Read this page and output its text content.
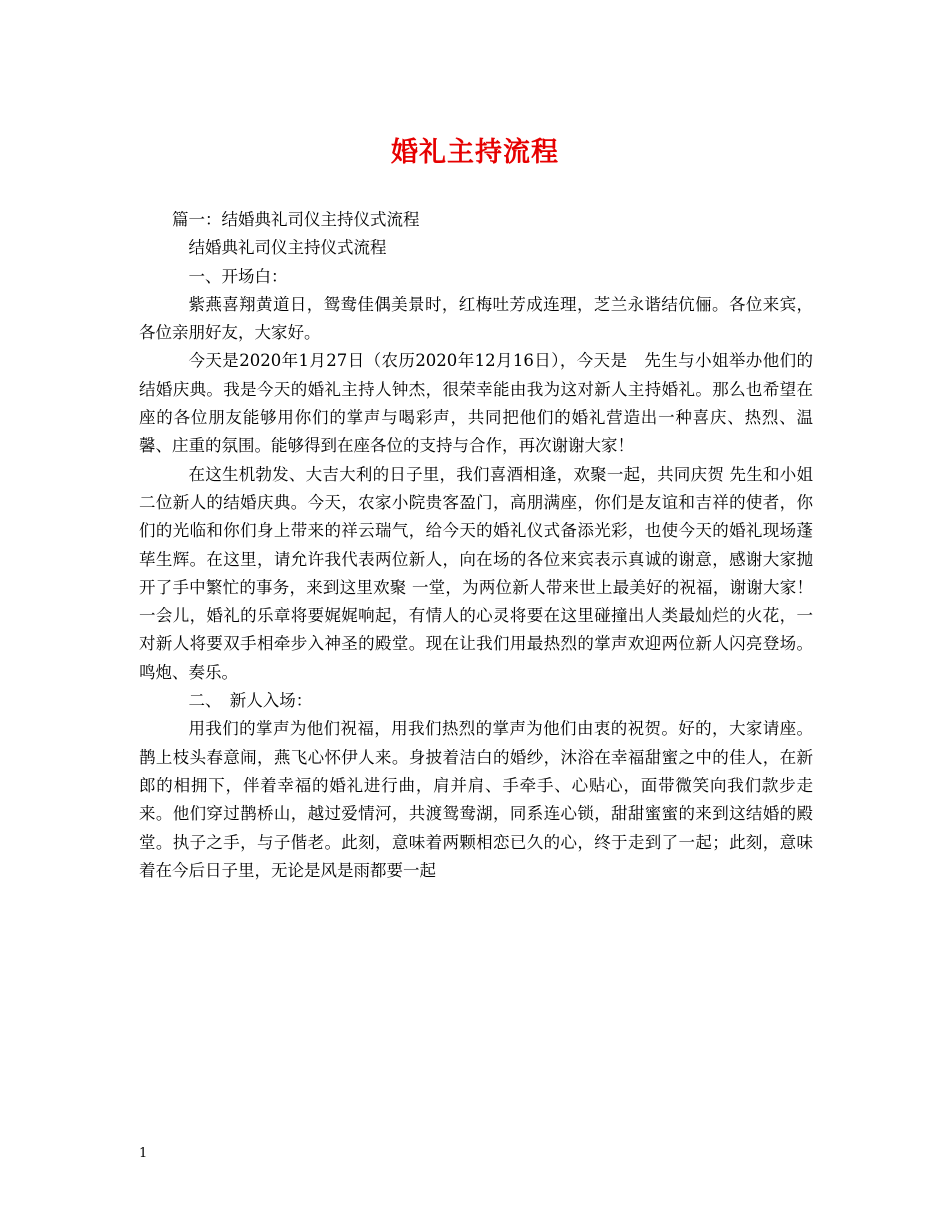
婚礼主持流程

篇一：结婚典礼司仪主持仪式流程

结婚典礼司仪主持仪式流程

一、开场白：

紫燕喜翔黄道日，鸳鸯佳偶美景时，红梅吐芳成连理，芝兰永谐结伉俪。各位来宾，各位亲朋好友，大家好。

今天是2020年1月27日（农历2020年12月16日），今天是　先生与小姐举办他们的结婚庆典。我是今天的婚礼主持人钟杰，很荣幸能由我为这对新人主持婚礼。那么也希望在座的各位朋友能够用你们的掌声与喝彩声，共同把他们的婚礼营造出一种喜庆、热烈、温馨、庄重的氛围。能够得到在座各位的支持与合作，再次谢谢大家！

在这生机勃发、大吉大利的日子里，我们喜酒相逢，欢聚一起，共同庆贺 先生和小姐二位新人的结婚庆典。今天，农家小院贵客盈门，高朋满座，你们是友谊和吉祥的使者，你们的光临和你们身上带来的祥云瑞气，给今天的婚礼仪式备添光彩，也使今天的婚礼现场蓬荜生辉。在这里，请允许我代表两位新人，向在场的各位来宾表示真诚的谢意，感谢大家抛开了手中繁忙的事务，来到这里欢聚 一堂，为两位新人带来世上最美好的祝福，谢谢大家！一会儿，婚礼的乐章将要娓娓响起，有情人的心灵将要在这里碰撞出人类最灿烂的火花，一对新人将要双手相牵步入神圣的殿堂。现在让我们用最热烈的掌声欢迎两位新人闪亮登场。鸣炮、奏乐。

二、　新人入场：

用我们的掌声为他们祝福，用我们热烈的掌声为他们由衷的祝贺。好的，大家请座。鹊上枝头春意闹，燕飞心怀伊人来。身披着洁白的婚纱，沐浴在幸福甜蜜之中的佳人，在新郎的相拥下，伴着幸福的婚礼进行曲，肩并肩、手牵手、心贴心，面带微笑向我们款步走来。他们穿过鹊桥山，越过爱情河，共渡鸳鸯湖，同系连心锁，甜甜蜜蜜的来到这结婚的殿堂。执子之手，与子偕老。此刻，意味着两颗相恋已久的心，终于走到了一起；此刻，意味着在今后日子里，无论是风是雨都要一起

1
